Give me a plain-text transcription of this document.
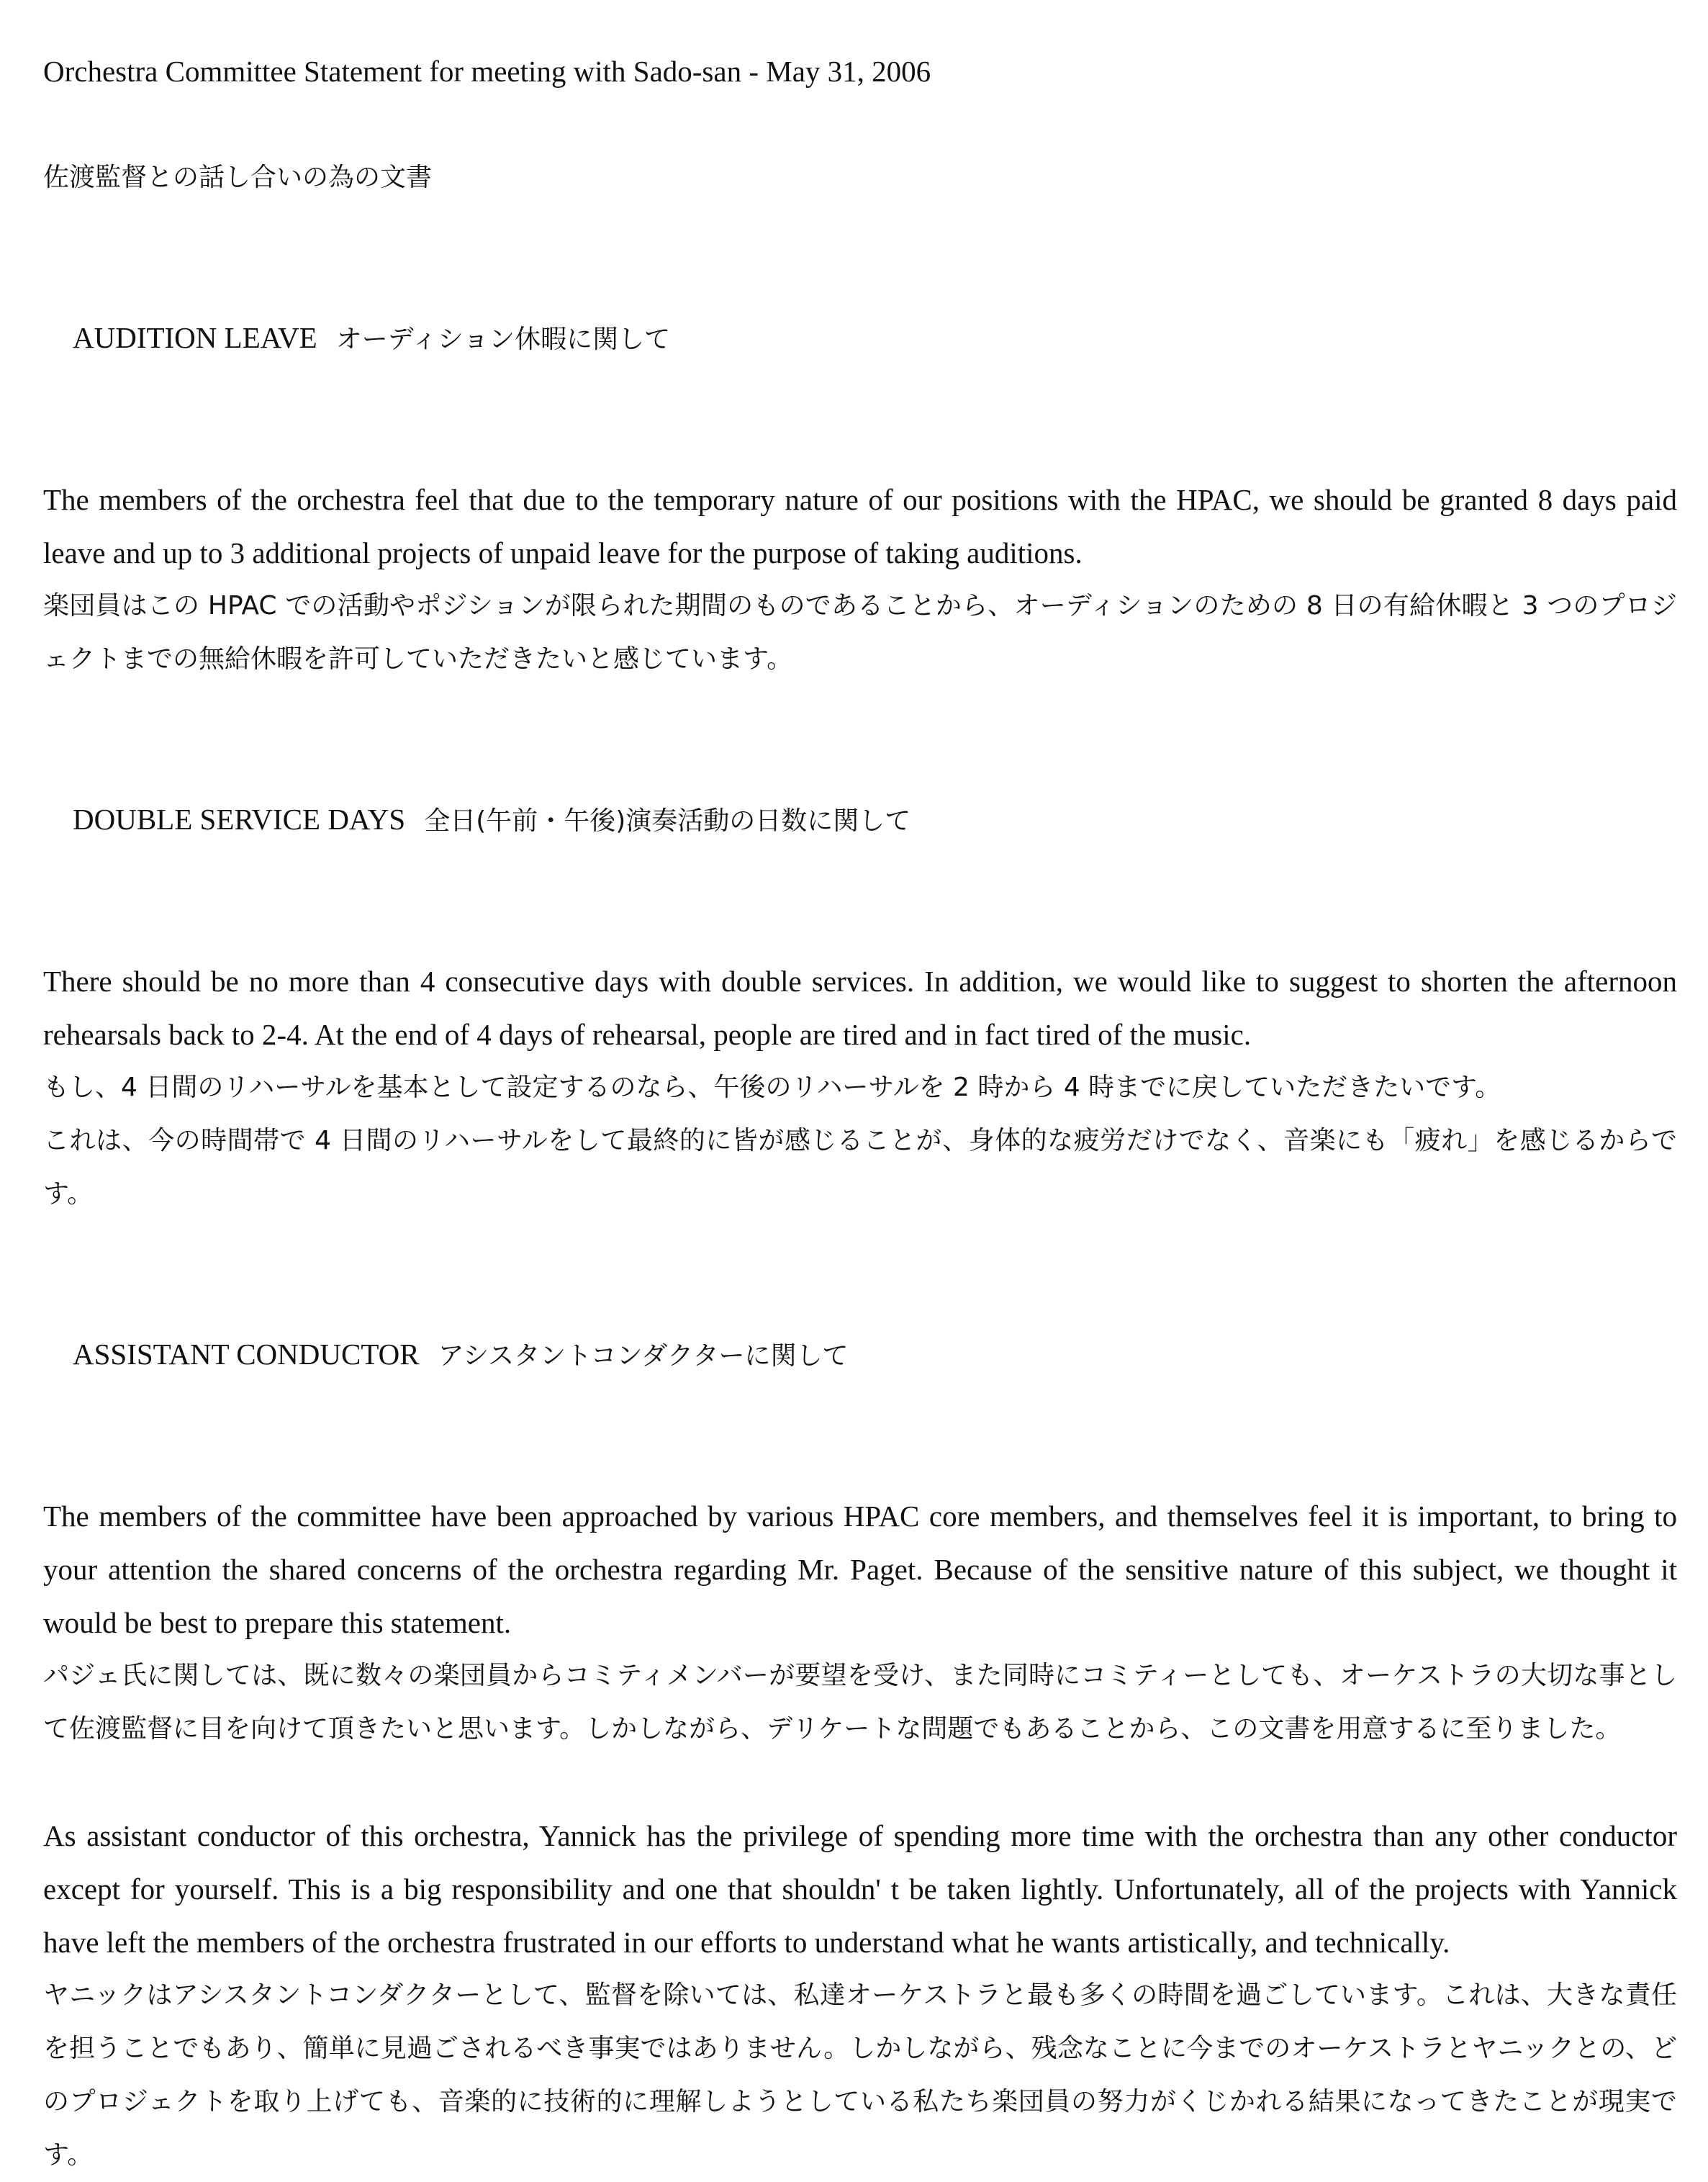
Orchestra Committee Statement for meeting with Sado-san - May 31, 2006

佐渡監督との話し合いの為の文書

AUDITION LEAVE オーディション休暇に関して

The members of the orchestra feel that due to the temporary nature of our positions with the HPAC, we should be granted 8 days paid leave and up to 3 additional projects of unpaid leave for the purpose of taking auditions.

楽団員はこの HPAC での活動やポジションが限られた期間のものであることから、オーディションのための 8 日の有給休暇と 3 つのプロジェクトまでの無給休暇を許可していただきたいと感じています。

DOUBLE SERVICE DAYS 全日(午前・午後)演奏活動の日数に関して

There should be no more than 4 consecutive days with double services. In addition, we would like to suggest to shorten the afternoon rehearsals back to 2-4. At the end of 4 days of rehearsal, people are tired and in fact tired of the music.

もし、4 日間のリハーサルを基本として設定するのなら、午後のリハーサルを 2 時から 4 時までに戻していただきたいです。

これは、今の時間帯で 4 日間のリハーサルをして最終的に皆が感じることが、身体的な疲労だけでなく、音楽にも「疲れ」を感じるからです。

ASSISTANT CONDUCTOR アシスタントコンダクターに関して

The members of the committee have been approached by various HPAC core members, and themselves feel it is important, to bring to your attention the shared concerns of the orchestra regarding Mr. Paget. Because of the sensitive nature of this subject, we thought it would be best to prepare this statement.

パジェ氏に関しては、既に数々の楽団員からコミティメンバーが要望を受け、また同時にコミティーとしても、オーケストラの大切な事として佐渡監督に目を向けて頂きたいと思います。しかしながら、デリケートな問題でもあることから、この文書を用意するに至りました。

As assistant conductor of this orchestra, Yannick has the privilege of spending more time with the orchestra than any other conductor except for yourself. This is a big responsibility and one that shouldn' t be taken lightly. Unfortunately, all of the projects with Yannick have left the members of the orchestra frustrated in our efforts to understand what he wants artistically, and technically.

ヤニックはアシスタントコンダクターとして、監督を除いては、私達オーケストラと最も多くの時間を過ごしています。これは、大きな責任を担うことでもあり、簡単に見過ごされるべき事実ではありません。しかしながら、残念なことに今までのオーケストラとヤニックとの、どのプロジェクトを取り上げても、音楽的に技術的に理解しようとしている私たち楽団員の努力がくじかれる結果になってきたことが現実です。
